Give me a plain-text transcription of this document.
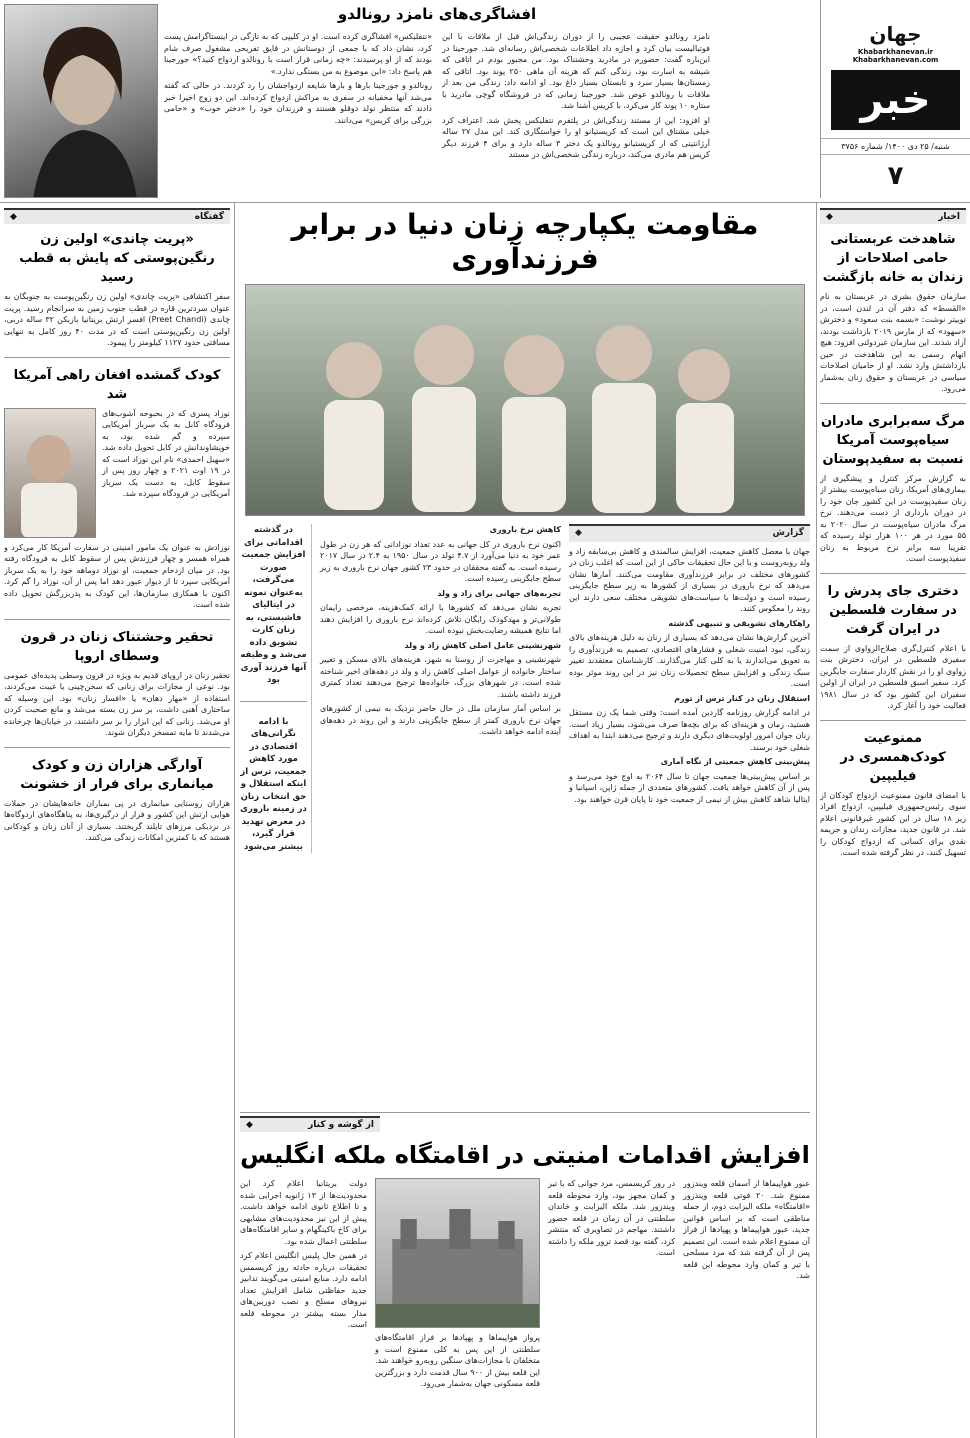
جهان
Khabarkhanevan.ir Khabarkhanevan.com
خبر
شنبه/ ۲۵ دی ۱۴۰۰/ شماره ۳۷۵۶
۷
افشاگری‌های نامزد رونالدو

نامزد رونالدو حقیقت عجیبی را از دوران زندگی‌اش قبل از ملاقات با این فوتبالیست بیان کرد و اجازه داد اطلاعات شخصی‌اش رسانه‌ای شد. جورجینا در این‌باره گفت: حضورم در مادرید وحشتناک بود. من مجبور بودم در اتاقی که شیشه به اسارت بود، زندگی کنم که هزینه آن ماهی ۲۵۰ پوند بود. اتاقی که زمستان‌ها بسیار سرد و تابستان بسیار داغ بود. او ادامه داد: زندگی من بعد از ملاقات با رونالدو عوض شد. جورجینا زمانی که در فروشگاه گوچی مادرید با ستاره ۱۰ پوند کار می‌کرد، با کریس آشنا شد.

او افزود: این از مستند زندگی‌اش در پلتفرم نتفلیکس پخش شد. اعتراف کرد خیلی مشتاق این است که کریستیانو او را خواستگاری کند. این مدل ۲۷ ساله آرژانتینی که از کریستیانو رونالدو یک دختر ۳ ساله دارد و برای ۴ فرزند دیگر کریس هم مادری می‌کند، درباره زندگی شخصی‌اش در مستند

«نتفلیکس» افشاگری کرده است. او در کلیپی که به تازگی در اینستاگرامش پست کرد، نشان داد که با جمعی از دوستانش در قایق تفریحی مشغول صرف شام بودند که از او پرسیدند: «چه زمانی قرار است با رونالدو ازدواج کنید؟» جورجینا هم پاسخ داد: «این موضوع به من بستگی ندارد.»

رونالدو و جورجینا بارها و بارها شایعه ازدواجشان را رد کردند. در حالی که گفته می‌شد آنها مخفیانه در سفری به مراکش ازدواج کرده‌اند. این دو زوج اخیرا خبر دادند که منتظر تولد دوقلو هستند و فرزندان خود را «دختر خوب» و «حامی بزرگی برای کریس» می‌دانند.

اخبار
◆
شاهدخت عربستانی حامی اصلاحات از زندان به خانه بازگشت
سازمان حقوق بشری در عربستان به نام «القسط» که دفتر آن در لندن است، در توییتر نوشت: «بسمه بنت سعود» و دخترش «سهود» که از مارس ۲۰۱۹ بازداشت بودند، آزاد شدند. این سازمان غیردولتی افزود: هیچ اتهام رسمی به این شاهدخت در حین بازداشتش وارد نشد. او از حامیان اصلاحات سیاسی در عربستان و حقوق زنان به‌شمار می‌رود.
مرگ سه‌برابری مادران سیاه‌پوست آمریکا نسبت به سفیدپوستان
به گزارش مرکز کنترل و پیشگیری از بیماری‌های آمریکا، زنان سیاه‌پوست بیشتر از زنان سفیدپوست در این کشور جان خود را در دوران بارداری از دست می‌دهند. نرخ مرگ مادران سیاه‌پوست در سال ۲۰۲۰ به ۵۵ مورد در هر ۱۰۰ هزار تولد رسیده که تقریبا سه برابر نرخ مربوط به زنان سفیدپوست است.
دختری جای پدرش را در سفارت فلسطین در ایران گرفت
با اعلام کنترل‌گری صلاح‌الزواوی از سمت سفیری فلسطین در ایران، دخترش بنت زواوی او را در نقش کاردار سفارت جایگزین کرد. سفیر اسبق فلسطین در ایران از اولین سفیران این کشور بود که در سال ۱۹۸۱ فعالیت خود را آغاز کرد.
ممنوعیت کودک‌همسری در فیلیپین
با امضای قانون ممنوعیت ازدواج کودکان از سوی رئیس‌جمهوری فیلیپین، ازدواج افراد زیر ۱۸ سال در این کشور غیرقانونی اعلام شد. در قانون جدید، مجازات زندان و جریمه نقدی برای کسانی که ازدواج کودکان را تسهیل کنند، در نظر گرفته شده است.
گفتگاه
◆
«پریت چاندی» اولین زن رنگین‌پوستی که پایش به قطب رسید
سفر اکتشافی «پریت چاندی» اولین زن رنگین‌پوست به جنوبگان به عنوان سردترین قاره در قطب جنوب زمین به سرانجام رسید. پریت چاندی (Preet Chandi) افسر ارتش بریتانیا بازیکن ۳۲ ساله دربی، اولین زن رنگین‌پوستی است که در مدت ۴۰ روز کامل به تنهایی مسافتی حدود ۱۱۲۷ کیلومتر را پیمود.
کودک گمشده افغان راهی آمریکا شد
نوزاد پسری که در بحبوحه آشوب‌های فرودگاه کابل به یک سرباز آمریکایی سپرده و گم شده بود، به خویشاوندانش در کابل تحویل داده شد. «سهیل احمدی» نام این نوزاد است که در ۱۹ اوت ۲۰۲۱ و چهار روز پس از سقوط کابل، به دست یک سرباز آمریکایی در فرودگاه سپرده شد.
نوزادش به عنوان یک مامور امنیتی در سفارت آمریکا کار می‌کرد و همراه همسر و چهار فرزندش پس از سقوط کابل به فرودگاه رفته بود. در میان ازدحام جمعیت، او نوزاد دوماهه خود را به یک سرباز آمریکایی سپرد تا از دیوار عبور دهد اما پس از آن، نوزاد را گم کرد. اکنون با همکاری سازمان‌ها، این کودک به پدربزرگش تحویل داده شده است.
تحقیر وحشتناک زنان در قرون وسطای اروپا
تحقیر زنان در اروپای قدیم به ویژه در قرون وسطی پدیده‌ای عمومی بود. نوعی از مجازات برای زنانی که سخن‌چینی یا غیبت می‌کردند، استفاده از «مهار دهان» یا «افسار زنان» بود. این وسیله که ساختاری آهنی داشت، بر سر زن بسته می‌شد و مانع صحبت کردن او می‌شد. زنانی که این ابزار را بر سر داشتند، در خیابان‌ها چرخانده می‌شدند تا مایه تمسخر دیگران شوند.
آوارگی هزاران زن و کودک میانماری برای فرار از خشونت
هزاران روستایی میانماری در پی بمباران خانه‌هایشان در حملات هوایی ارتش این کشور و فرار از درگیری‌ها، به پناهگاه‌های اردوگاه‌ها در نزدیکی مرزهای تایلند گریختند. بسیاری از آنان زنان و کودکانی هستند که با کمترین امکانات زندگی می‌کنند.
مقاومت یکپارچه زنان دنیا در برابر فرزندآوری
گزارش
◆

جهان با معضل کاهش جمعیت، افزایش سالمندی و کاهش بی‌سابقه زاد و ولد روبه‌روست و با این حال تحقیقات حاکی از این است که اغلب زنان در کشورهای مختلف در برابر فرزندآوری مقاومت می‌کنند. آمارها نشان می‌دهد که نرخ باروری در بسیاری از کشورها به زیر سطح جایگزینی رسیده است و دولت‌ها با سیاست‌های تشویقی مختلف سعی دارند این روند را معکوس کنند.

راهکارهای تشویقی و تنبیهی گذشته

آخرین گزارش‌ها نشان می‌دهد که بسیاری از زنان به دلیل هزینه‌های بالای زندگی، نبود امنیت شغلی و فشارهای اقتصادی، تصمیم به فرزندآوری را به تعویق می‌اندازند یا به کلی کنار می‌گذارند. کارشناسان معتقدند تغییر سبک زندگی و افزایش سطح تحصیلات زنان نیز در این روند موثر بوده است.

استقلال زنان در کنار ترس از تورم

در ادامه گزارش روزنامه گاردین آمده است: وقتی شما یک زن مستقل هستید، زمان و هزینه‌ای که برای بچه‌ها صرف می‌شود، بسیار زیاد است. زنان جوان امروز اولویت‌های دیگری دارند و ترجیح می‌دهند ابتدا به اهداف شغلی خود برسند.

پیش‌بینی کاهش جمعیتی از نگاه آماری

بر اساس پیش‌بینی‌ها جمعیت جهان تا سال ۲۰۶۴ به اوج خود می‌رسد و پس از آن کاهش خواهد یافت. کشورهای متعددی از جمله ژاپن، اسپانیا و ایتالیا شاهد کاهش بیش از نیمی از جمعیت خود تا پایان قرن خواهند بود.

کاهش نرخ باروری

اکنون نرخ باروری در کل جهانی به عدد تعداد نوزادانی که هر زن در طول عمر خود به دنیا می‌آورد از ۴.۷ تولد در سال ۱۹۵۰ به ۲.۴ در سال ۲۰۱۷ رسیده است. به گفته محققان در حدود ۲۳ کشور جهان نرخ باروری به زیر سطح جایگزینی رسیده است.

تجربه‌های جهانی برای زاد و ولد

تجربه نشان می‌دهد که کشورها با ارائه کمک‌هزینه، مرخصی زایمان طولانی‌تر و مهدکودک رایگان تلاش کرده‌اند نرخ باروری را افزایش دهند اما نتایج همیشه رضایت‌بخش نبوده است.

شهرنشینی عامل اصلی کاهش زاد و ولد

شهرنشینی و مهاجرت از روستا به شهر، هزینه‌های بالای مسکن و تغییر ساختار خانواده از عوامل اصلی کاهش زاد و ولد در دهه‌های اخیر شناخته شده است. در شهرهای بزرگ، خانواده‌ها ترجیح می‌دهند تعداد کمتری فرزند داشته باشند.

بر اساس آمار سازمان ملل در حال حاضر نزدیک به نیمی از کشورهای جهان نرخ باروری کمتر از سطح جایگزینی دارند و این روند در دهه‌های آینده ادامه خواهد داشت.

در گذشته اقداماتی برای افزایش جمعیت صورت می‌گرفت، به‌عنوان نمونه در ایتالیای فاشیستی، به زنان کارت تشویق داده می‌شد و وظیفه آنها فرزند آوری بود
با ادامه نگرانی‌های اقتصادی در مورد کاهش جمعیت، ترس از اینکه استقلال و حق انتخاب زنان در زمینه باروری در معرض تهدید قرار گیرد، بیشتر می‌شود
از گوشه و کنار
◆
افزایش اقدامات امنیتی در اقامتگاه ملکه انگلیس

عبور هواپیماها از آسمان قلعه ویندزور ممنوع شد. ۲۰ فوتی قلعه ویندزور «اقامتگاه» ملکه الیزابت دوم، از جمله مناطقی است که بر اساس قوانین جدید، عبور هواپیماها و پهپادها از فراز آن ممنوع اعلام شده است. این تصمیم پس از آن گرفته شد که مرد مسلحی با تیر و کمان وارد محوطه این قلعه شد.

در روز کریسمس، مرد جوانی که با تیر و کمان مجهز بود، وارد محوطه قلعه ویندزور شد. ملکه الیزابت و خاندان سلطنتی در آن زمان در قلعه حضور داشتند. مهاجم در تصاویری که منتشر کرد، گفته بود قصد ترور ملکه را داشته است.

پرواز هواپیماها و پهپادها بر فراز اقامتگاه‌های سلطنتی از این پس به کلی ممنوع است و متخلفان با مجازات‌های سنگین روبه‌رو خواهند شد. این قلعه بیش از ۹۰۰ سال قدمت دارد و بزرگترین قلعه مسکونی جهان به‌شمار می‌رود.

دولت بریتانیا اعلام کرد این محدودیت‌ها از ۱۳ ژانویه اجرایی شده و تا اطلاع ثانوی ادامه خواهد داشت. پیش از این نیز محدودیت‌های مشابهی برای کاخ باکینگهام و سایر اقامتگاه‌های سلطنتی اعمال شده بود.

در همین حال پلیس انگلیس اعلام کرد تحقیقات درباره حادثه روز کریسمس ادامه دارد. منابع امنیتی می‌گویند تدابیر جدید حفاظتی شامل افزایش تعداد نیروهای مسلح و نصب دوربین‌های مدار بسته بیشتر در محوطه قلعه است.
